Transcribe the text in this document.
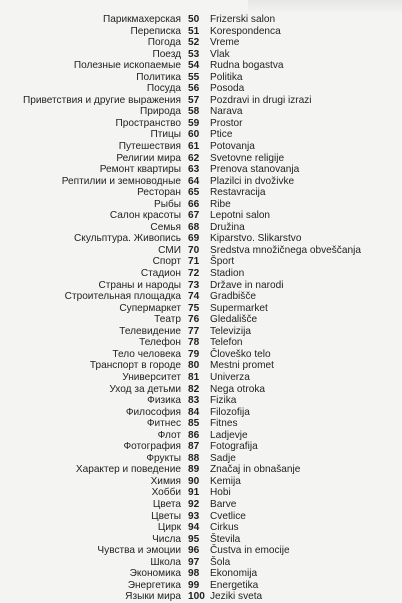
Парикмахерская 50 Frizerski salon
Переписка 51 Korespondenca
Погода 52 Vreme
Поезд 53 Vlak
Полезные ископаемые 54 Rudna bogastva
Политика 55 Politika
Посуда 56 Posoda
Приветствия и другие выражения 57 Pozdravi in drugi izrazi
Природа 58 Narava
Пространство 59 Prostor
Птицы 60 Ptice
Путешествия 61 Potovanja
Религии мира 62 Svetovne religije
Ремонт квартиры 63 Prenova stanovanja
Рептилии и земноводные 64 Plazilci in dvoživke
Ресторан 65 Restavracija
Рыбы 66 Ribe
Салон красоты 67 Lepotni salon
Семья 68 Družina
Скульптура. Живопись 69 Kiparstvo. Slikarstvo
СМИ 70 Sredstva množičnega obveščanja
Спорт 71 Šport
Стадион 72 Stadion
Страны и народы 73 Države in narodi
Строительная площадка 74 Gradbišče
Супермаркет 75 Supermarket
Театр 76 Gledališče
Телевидение 77 Televizija
Телефон 78 Telefon
Тело человека 79 Človeško telo
Транспорт в городе 80 Mestni promet
Университет 81 Univerza
Уход за детьми 82 Nega otroka
Физика 83 Fizika
Философия 84 Filozofija
Фитнес 85 Fitnes
Флот 86 Ladjevje
Фотография 87 Fotografija
Фрукты 88 Sadje
Характер и поведение 89 Značaj in obnašanje
Химия 90 Kemija
Хобби 91 Hobi
Цвета 92 Barve
Цветы 93 Cvetlice
Цирк 94 Cirkus
Числа 95 Števila
Чувства и эмоции 96 Čustva in emocije
Школа 97 Šola
Экономика 98 Ekonomija
Энергетика 99 Energetika
Языки мира 100 Jeziki sveta
